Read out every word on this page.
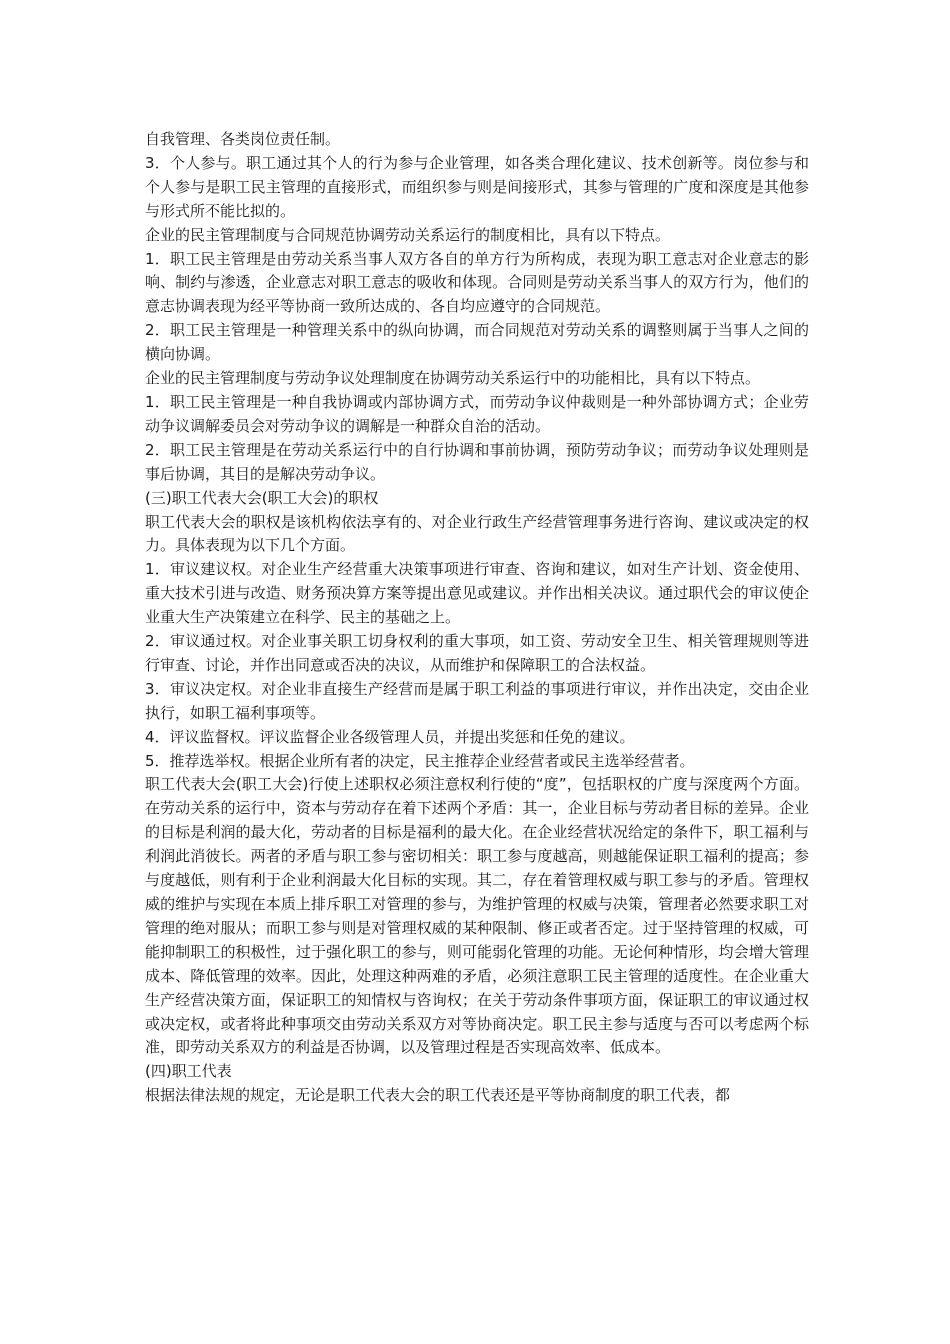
自我管理、各类岗位责任制。

3．个人参与。职工通过其个人的行为参与企业管理，如各类合理化建议、技术创新等。岗位参与和个人参与是职工民主管理的直接形式，而组织参与则是间接形式，其参与管理的广度和深度是其他参与形式所不能比拟的。

企业的民主管理制度与合同规范协调劳动关系运行的制度相比，具有以下特点。

1．职工民主管理是由劳动关系当事人双方各自的单方行为所构成，表现为职工意志对企业意志的影响、制约与渗透，企业意志对职工意志的吸收和体现。合同则是劳动关系当事人的双方行为，他们的意志协调表现为经平等协商一致所达成的、各自均应遵守的合同规范。

2．职工民主管理是一种管理关系中的纵向协调，而合同规范对劳动关系的调整则属于当事人之间的横向协调。

企业的民主管理制度与劳动争议处理制度在协调劳动关系运行中的功能相比，具有以下特点。

1．职工民主管理是一种自我协调或内部协调方式，而劳动争议仲裁则是一种外部协调方式；企业劳动争议调解委员会对劳动争议的调解是一种群众自治的活动。

2．职工民主管理是在劳动关系运行中的自行协调和事前协调，预防劳动争议；而劳动争议处理则是事后协调，其目的是解决劳动争议。

(三)职工代表大会(职工大会)的职权

职工代表大会的职权是该机构依法享有的、对企业行政生产经营管理事务进行咨询、建议或决定的权力。具体表现为以下几个方面。

1．审议建议权。对企业生产经营重大决策事项进行审查、咨询和建议，如对生产计划、资金使用、重大技术引进与改造、财务预决算方案等提出意见或建议。并作出相关决议。通过职代会的审议使企业重大生产决策建立在科学、民主的基础之上。

2．审议通过权。对企业事关职工切身权利的重大事项，如工资、劳动安全卫生、相关管理规则等进行审查、讨论，并作出同意或否决的决议，从而维护和保障职工的合法权益。

3．审议决定权。对企业非直接生产经营而是属于职工利益的事项进行审议，并作出决定，交由企业执行，如职工福利事项等。

4．评议监督权。评议监督企业各级管理人员，并提出奖惩和任免的建议。

5．推荐选举权。根据企业所有者的决定，民主推荐企业经营者或民主选举经营者。

职工代表大会(职工大会)行使上述职权必须注意权利行使的“度”，包括职权的广度与深度两个方面。在劳动关系的运行中，资本与劳动存在着下述两个矛盾：其一，企业目标与劳动者目标的差异。企业的目标是利润的最大化，劳动者的目标是福利的最大化。在企业经营状况给定的条件下，职工福利与利润此消彼长。两者的矛盾与职工参与密切相关：职工参与度越高，则越能保证职工福利的提高；参与度越低，则有利于企业利润最大化目标的实现。其二，存在着管理权威与职工参与的矛盾。管理权威的维护与实现在本质上排斥职工对管理的参与，为维护管理的权威与决策，管理者必然要求职工对管理的绝对服从；而职工参与则是对管理权威的某种限制、修正或者否定。过于坚持管理的权威，可能抑制职工的积极性，过于强化职工的参与，则可能弱化管理的功能。无论何种情形，均会增大管理成本、降低管理的效率。因此，处理这种两难的矛盾，必须注意职工民主管理的适度性。在企业重大生产经营决策方面，保证职工的知情权与咨询权；在关于劳动条件事项方面，保证职工的审议通过权或决定权，或者将此种事项交由劳动关系双方对等协商决定。职工民主参与适度与否可以考虑两个标准，即劳动关系双方的利益是否协调，以及管理过程是否实现高效率、低成本。

(四)职工代表

根据法律法规的规定，无论是职工代表大会的职工代表还是平等协商制度的职工代表，都
